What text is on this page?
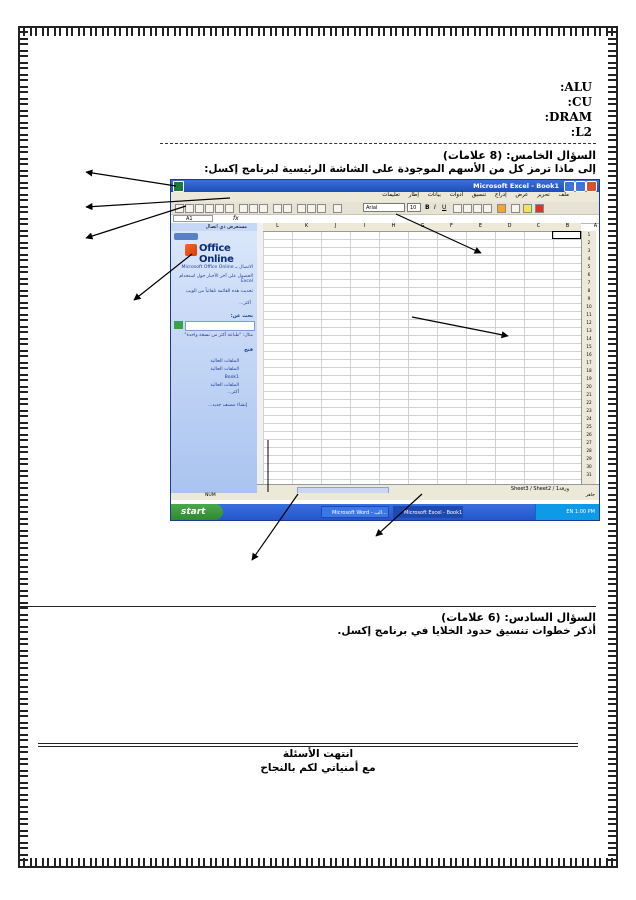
:ALU
:CU
:DRAM
:L2
السؤال الخامس: (8 علامات)
إلى ماذا ترمز كل من الأسهم الموجودة على الشاشة الرئيسية لبرنامج إكسل:
Microsoft Excel - Book1
ملف تحرير عرض إدراج تنسيق أدوات بيانات إطار تعليمات
Arial	10	B I U
A1	fx
مستعرض ذي اتصال
Office Online
الاتصال بـ Microsoft Office Online
الحصول على آخر الأخبار حول استخدام Excel
تحديث هذه القائمة تلقائياً من الويب
أكثر...
بحث عن:
مثال: "طباعة أكثر من نسخة واحدة"
فتح
الملفات الحالية
الملفات الحالية
Book1
الملفات الحالية
أكثر...
إنشاء مصنف جديد...
L	K	J	I	H	F	E	D	C	B	A
1
2
3
4
5
6
7
8
9
10
11
12
13
14
15
16
17
18
19
20
21
22
23
24
25
26
27
28
29
30
31
Sheet3 / Sheet2 / ورقة1
جاهز
NUM
start	Microsoft Word - الب...	Microsoft Excel - Book1	EN 1:00 PM
السؤال السادس: (6 علامات)
أذكر خطوات تنسيق حدود الخلايا في برنامج إكسل.
انتهت الأسئلة
مع أمنياتي لكم بالنجاح
